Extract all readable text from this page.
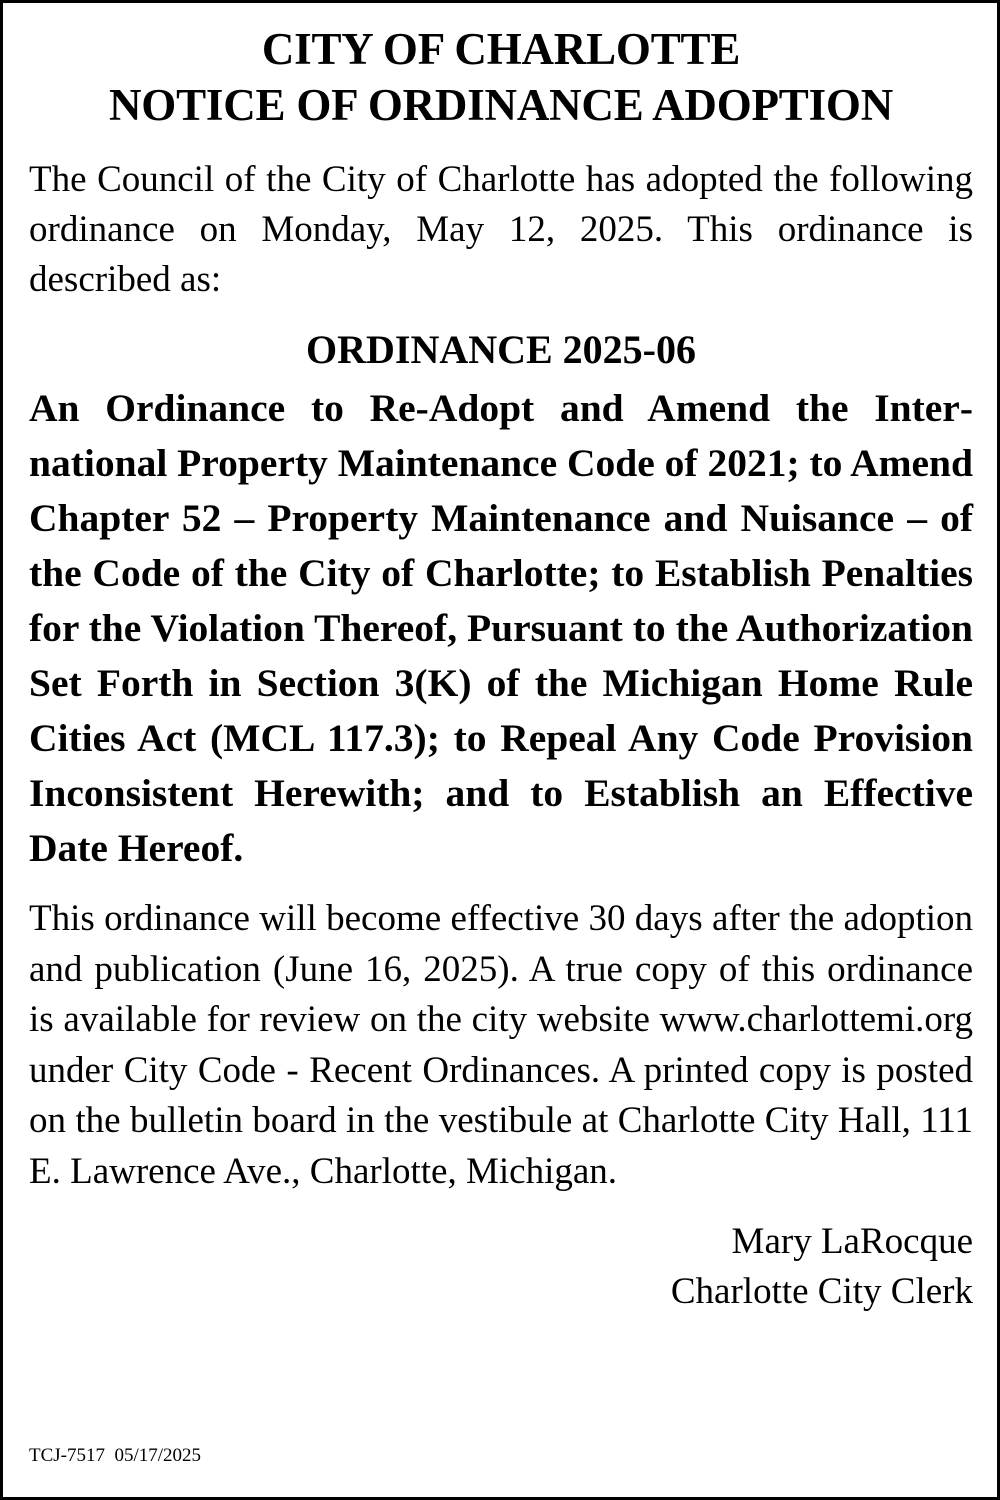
CITY OF CHARLOTTE
NOTICE OF ORDINANCE ADOPTION

The Council of the City of Charlotte has adopted the following ordinance on Monday, May 12, 2025. This ordinance is described as:

ORDINANCE 2025-06

An Ordinance to Re-Adopt and Amend the International Property Maintenance Code of 2021; to Amend Chapter 52 – Property Maintenance and Nuisance – of the Code of the City of Charlotte; to Establish Penalties for the Violation Thereof, Pursuant to the Authorization Set Forth in Section 3(K) of the Michigan Home Rule Cities Act (MCL 117.3); to Repeal Any Code Provision Inconsistent Herewith; and to Establish an Effective Date Hereof.

This ordinance will become effective 30 days after the adoption and publication (June 16, 2025). A true copy of this ordinance is available for review on the city website www.charlottemi.org under City Code - Recent Ordinances. A printed copy is posted on the bulletin board in the vestibule at Charlotte City Hall, 111 E. Lawrence Ave., Charlotte, Michigan.

Mary LaRocque
Charlotte City Clerk
TCJ-7517  05/17/2025
